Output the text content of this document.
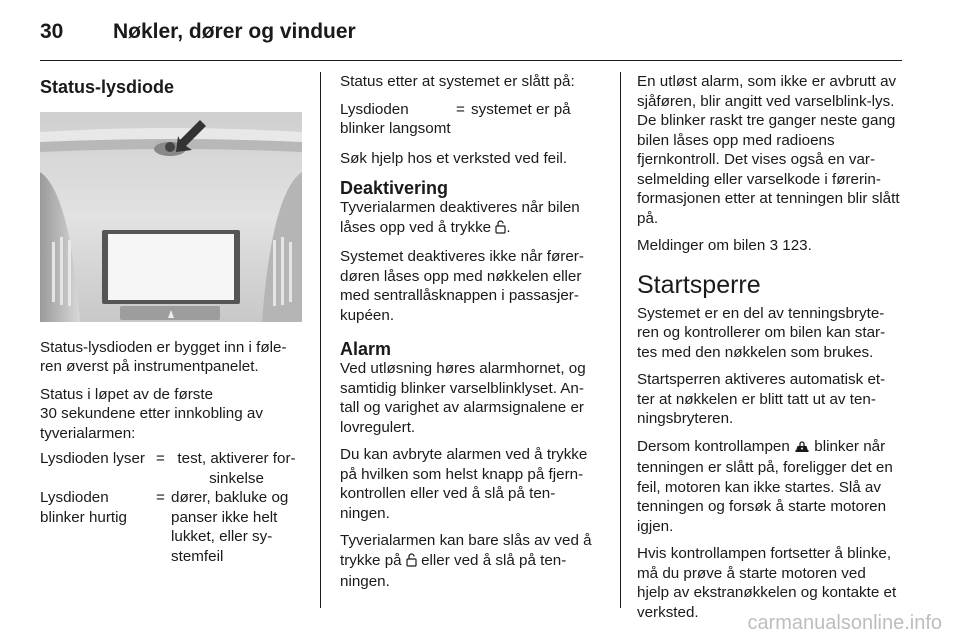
30 Nøkler, dører og vinduer
Status-lysdiode

Status-lysdioden er bygget inn i føle-ren øverst på instrumentpanelet.

Status i løpet av de første
30 sekundene etter innkobling av tyverialarmen:

Lysdioden lyser = test, aktiverer for-sinkelse
Lysdioden blinker hurtig
= dører, bakluke og panser ikke helt lukket, eller sy-stemfeil

Status etter at systemet er slått på:

Lysdioden blinker langsomt
= systemet er på

Søk hjelp hos et verksted ved feil.

Deaktivering

Tyverialarmen deaktiveres når bilen låses opp ved å trykke .

Systemet deaktiveres ikke når fører-døren låses opp med nøkkelen eller med sentrallåsknappen i passasjer-kupéen.

Alarm

Ved utløsning høres alarmhornet, og samtidig blinker varselblinklyset. An-tall og varighet av alarmsignalene er lovregulert.

Du kan avbryte alarmen ved å trykke på hvilken som helst knapp på fjern-kontrollen eller ved å slå på ten-ningen.

Tyverialarmen kan bare slås av ved å trykke på eller ved å slå på ten-ningen.

En utløst alarm, som ikke er avbrutt av sjåføren, blir angitt ved varselblink-lys. De blinker raskt tre ganger neste gang bilen låses opp med radioens fjernkontroll. Det vises også en var-selmelding eller varselkode i førerin-formasjonen etter at tenningen blir slått på.

Meldinger om bilen 3 123.

Startsperre

Systemet er en del av tenningsbryte-ren og kontrollerer om bilen kan star-tes med den nøkkelen som brukes.

Startsperren aktiveres automatisk et-ter at nøkkelen er blitt tatt ut av ten-ningsbryteren.

Dersom kontrollampen blinker når tenningen er slått på, foreligger det en feil, motoren kan ikke startes. Slå av tenningen og forsøk å starte motoren igjen.

Hvis kontrollampen fortsetter å blinke, må du prøve å starte motoren ved hjelp av ekstranøkkelen og kontakte et verksted.	carmanualsonline.info
